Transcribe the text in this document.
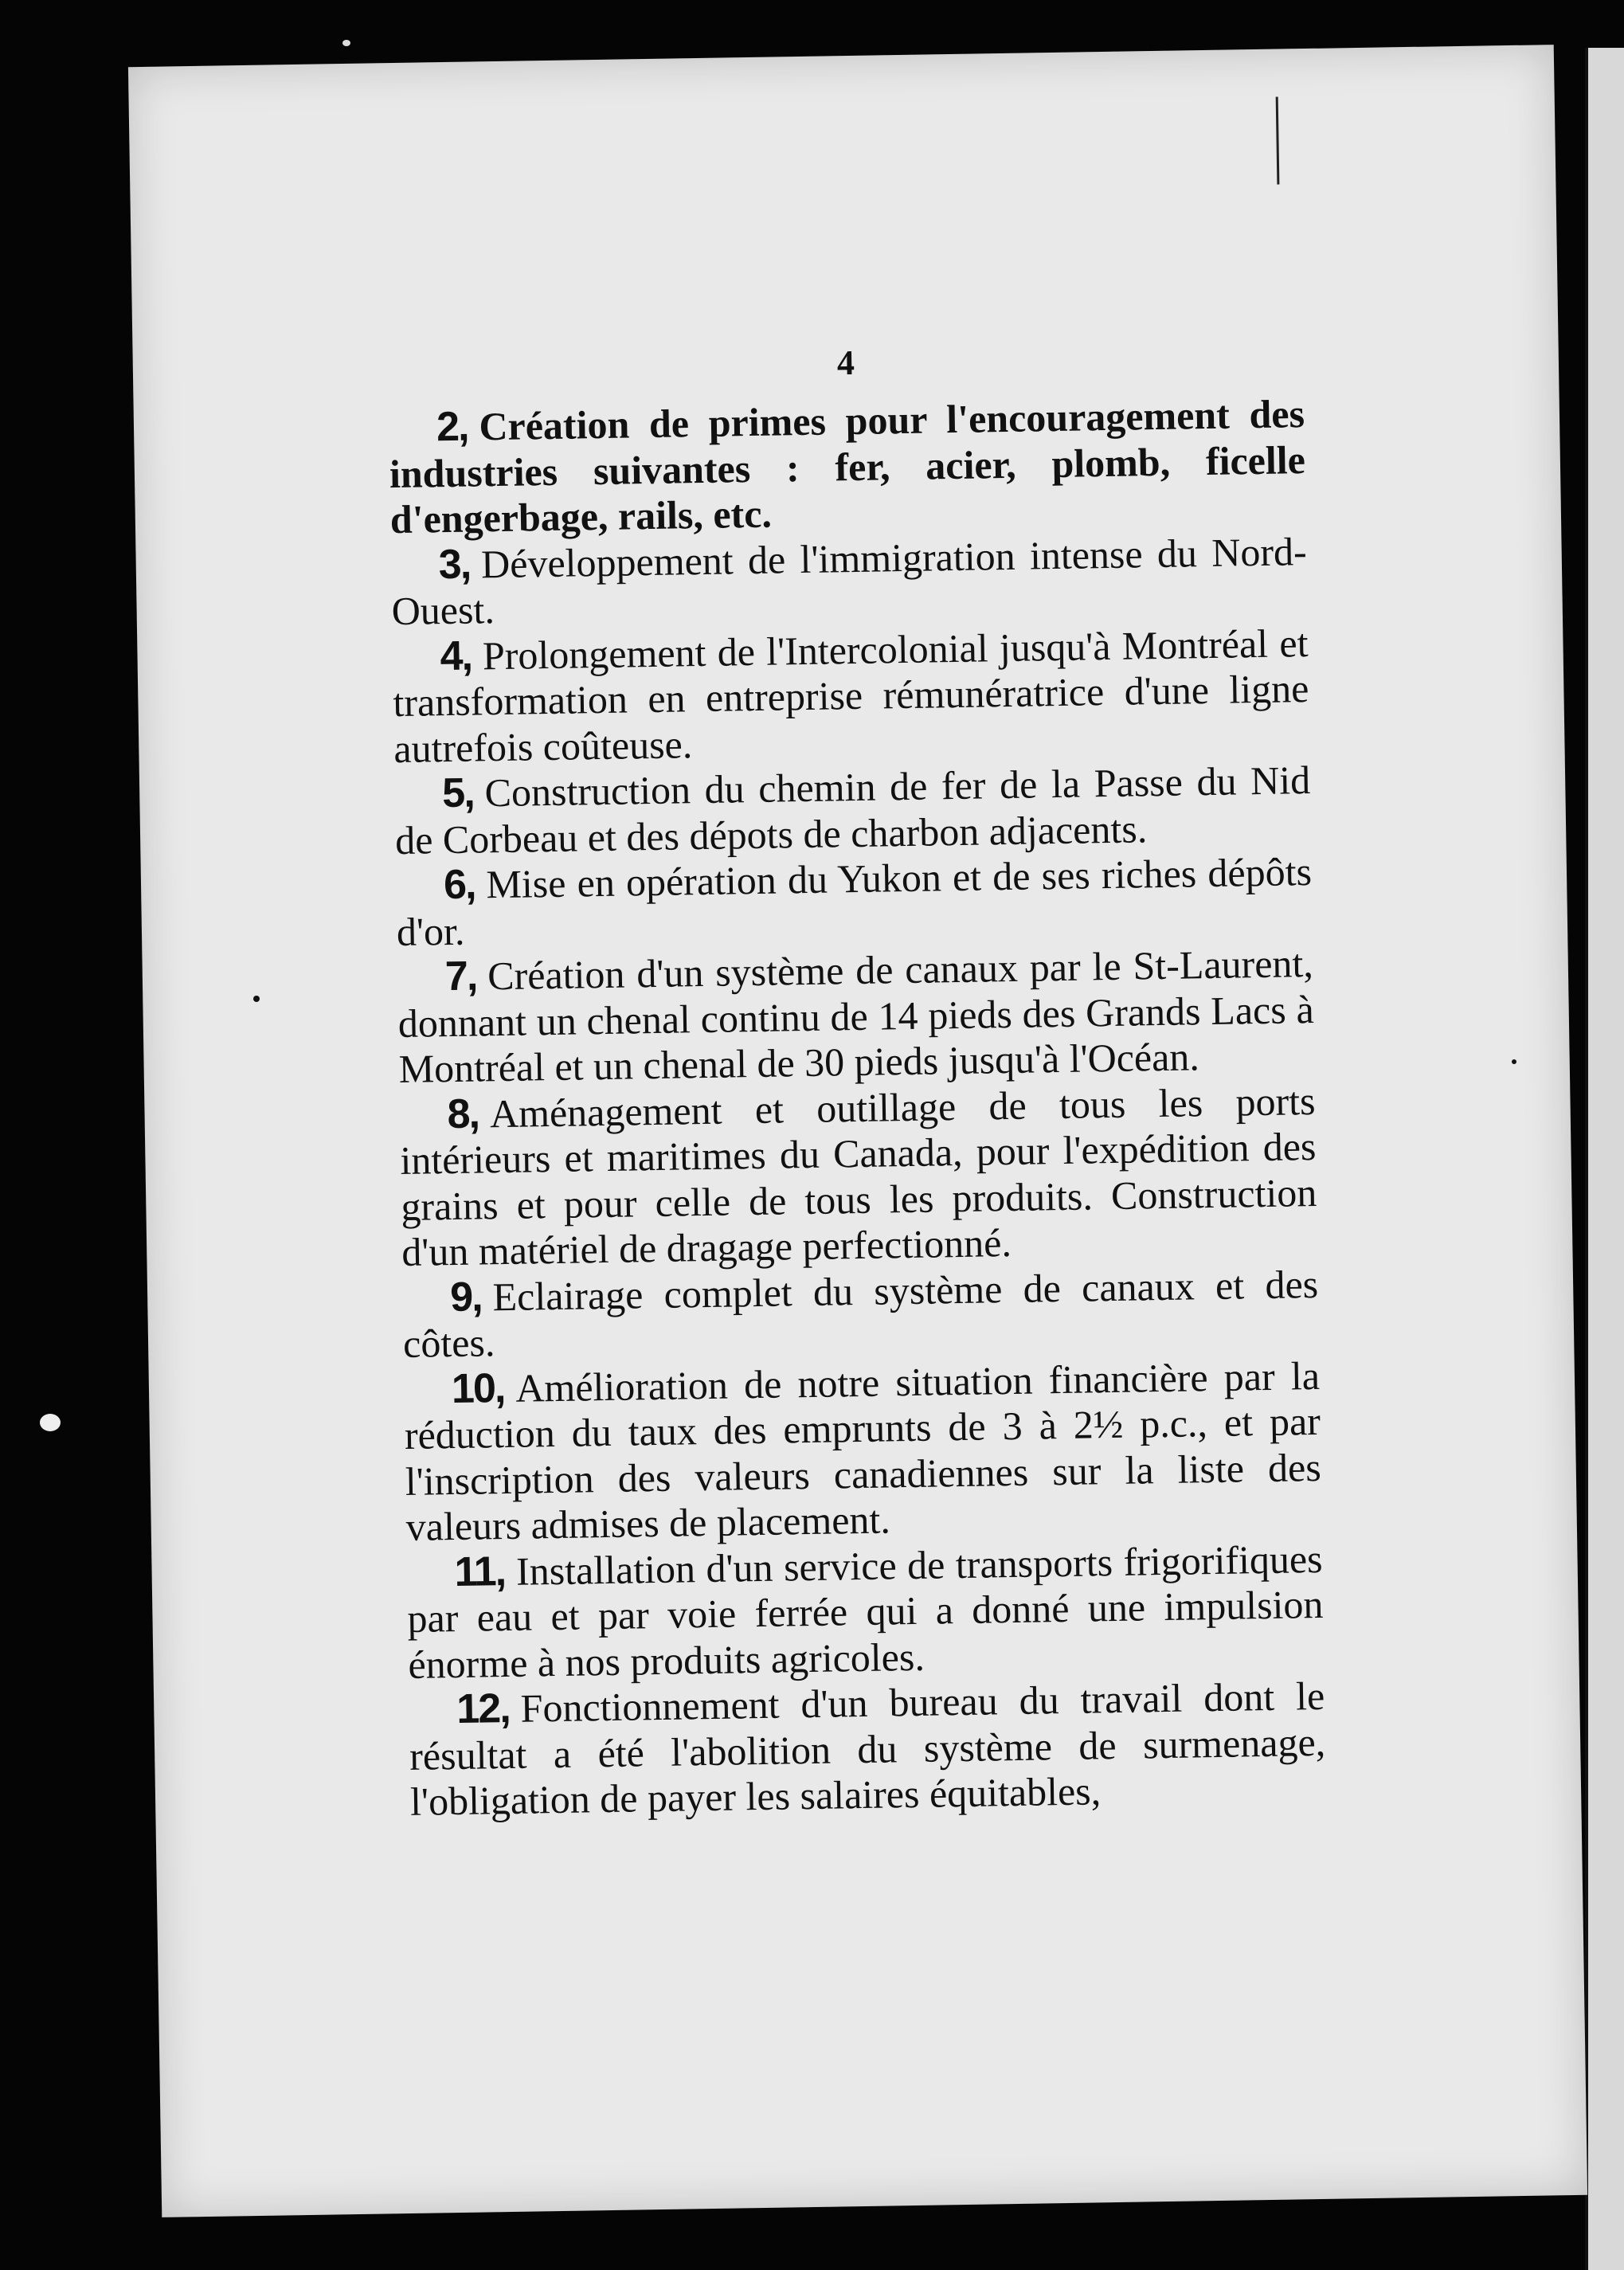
4

2, Création de primes pour l'encouragement des industries suivantes : fer, acier, plomb, ficelle d'engerbage, rails, etc.

3, Développement de l'immigration intense du Nord-Ouest.

4, Prolongement de l'Intercolonial jusqu'à Montréal et transformation en entreprise rémunératrice d'une ligne autrefois coûteuse.

5, Construction du chemin de fer de la Passe du Nid de Corbeau et des dépots de charbon adjacents.

6, Mise en opération du Yukon et de ses riches dépôts d'or.

7, Création d'un système de canaux par le St-Laurent, donnant un chenal continu de 14 pieds des Grands Lacs à Montréal et un chenal de 30 pieds jusqu'à l'Océan.

8, Aménagement et outillage de tous les ports intérieurs et maritimes du Canada, pour l'expédition des grains et pour celle de tous les produits. Construction d'un matériel de dragage perfectionné.

9, Eclairage complet du système de canaux et des côtes.

10, Amélioration de notre situation financière par la réduction du taux des emprunts de 3 à 2½ p.c., et par l'inscription des valeurs canadiennes sur la liste des valeurs admises de placement.

11, Installation d'un service de transports frigorifiques par eau et par voie ferrée qui a donné une impulsion énorme à nos produits agricoles.

12, Fonctionnement d'un bureau du travail dont le résultat a été l'abolition du système de surmenage, l'obligation de payer les salaires équitables,
